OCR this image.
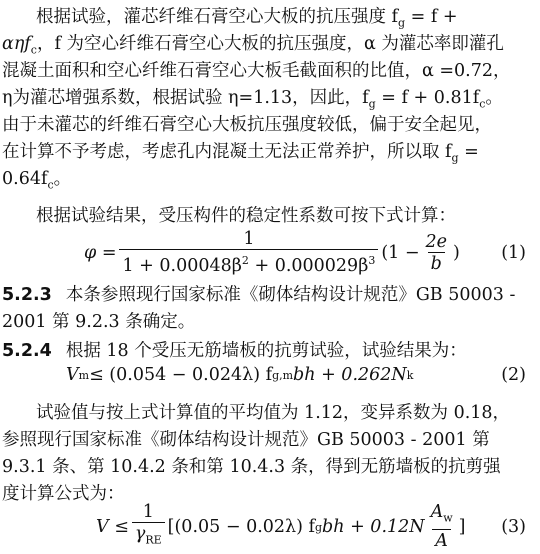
根据试验，灌芯纤维石膏空心大板的抗压强度 $f_g = f$ +
αηf$_c$，f 为空心纤维石膏空心大板的抗压强度，α 为灌芯率即灌孔
混凝土面积和空心纤维石膏空心大板毛截面积的比值，α =0.72，
η为灌芯增强系数，根据试验 η=1.13，因此，$f_g = f + 0.81f_c$。
由于未灌芯的纤维石膏空心大板抗压强度较低，偏于安全起见，
在计算不予考虑，考虑孔内混凝土无法正常养护，所以取 $f_g$ =
$0.64f_c$。
根据试验结果，受压构件的稳定性系数可按下式计算：
$\varphi = \frac{1}{1 + 0.00048\beta^2 + 0.000029\beta^3} (1 - \frac{2e}{b}$ ) (1)
5.2.3 本条参照现行国家标准《砌体结构设计规范》GB 50003 -
2001 第 9.2.3 条确定。
5.2.4 根据 18 个受压无筋墙板的抗剪试验，试验结果为：
V m ≤ (0.054 − 0.024λ) f g,m bh + 0.262N k	(2)
试验值与按上式计算值的平均值为 1.12，变异系数为 0.18，
参照现行国家标准《砌体结构设计规范》GB 50003 - 2001 第
9.3.1 条、第 10.4.2 条和第 10.4.3 条，得到无筋墙板的抗剪强
度计算公式为：
$V \le \frac{1}{\gamma_{RE}} [(0.05 - 0.02\lambda)$ f g bh + $0.12N \frac{A_w}{A}$ ] (3)
